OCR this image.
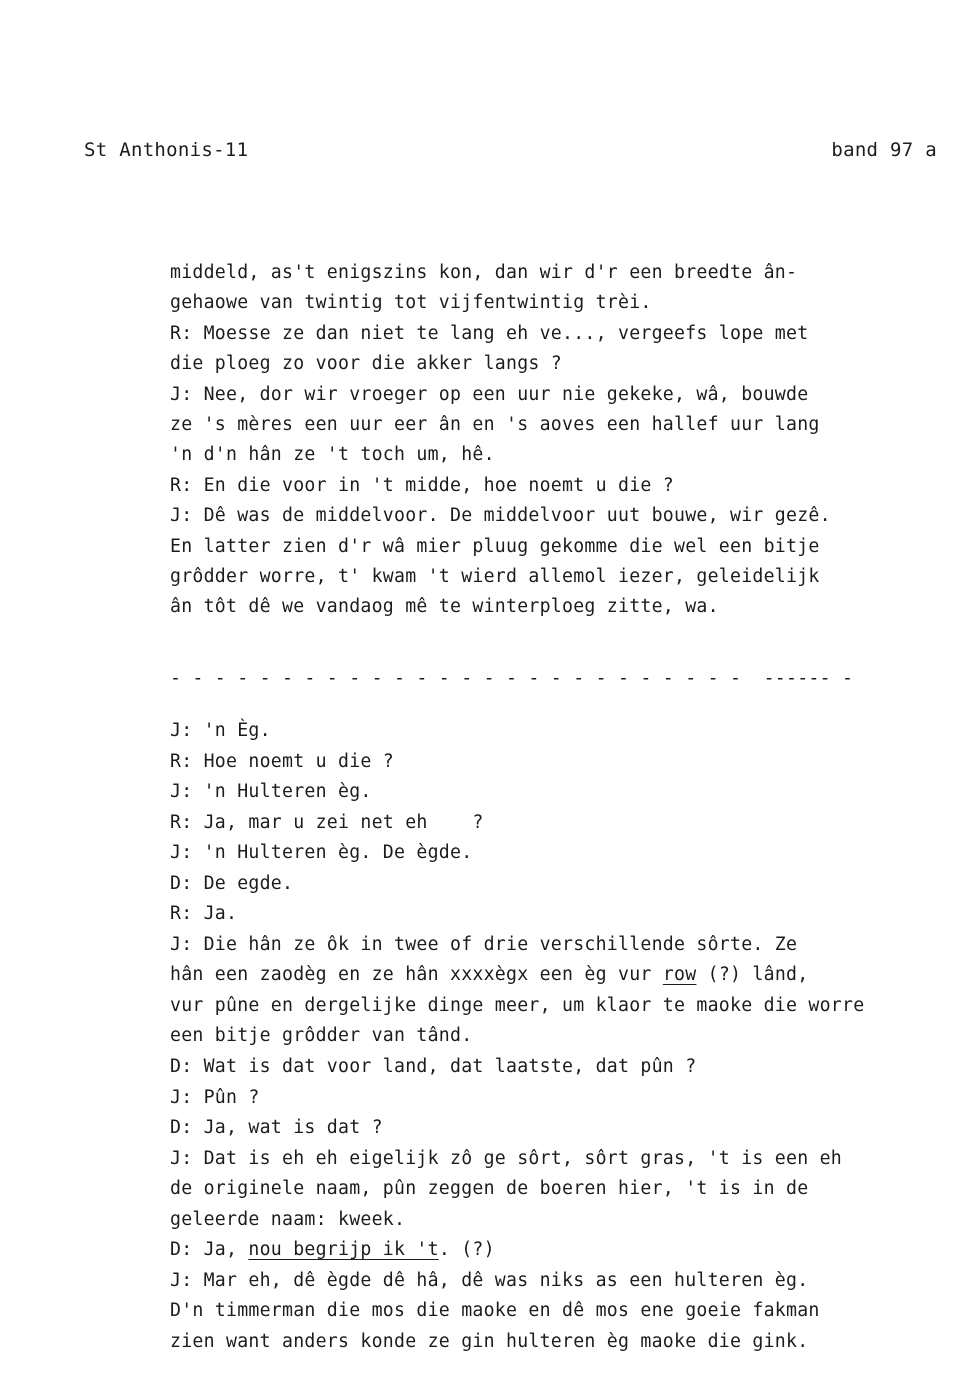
St Anthonis-11	band 97 a
middeld, as't enigszins kon, dan wir d'r een breedte ân-
gehaowe van twintig tot vijfentwintig trèi.
R: Moesse ze dan niet te lang eh ve..., vergeefs lope met
die ploeg zo voor die akker langs ?
J: Nee, dor wir vroeger op een uur nie gekeke, wâ, bouwde
ze 's mères een uur eer ân en 's aoves een hallef uur lang
'n d'n hân ze 't toch um, hê.
R: En die voor in 't midde, hoe noemt u die ?
J: Dê was de middelvoor. De middelvoor uut bouwe, wir gezê.
En latter zien d'r wâ mier pluug gekomme die wel een bitje
grôdder worre, t' kwam 't wierd allemol iezer, geleidelijk
ân tôt dê we vandaog mê te winterploeg zitte, wa.
- - - - - - - - - - - - - - - - - - - - - - - - - -  ------ -
J: 'n Èg.
R: Hoe noemt u die ?
J: 'n Hulteren èg.
R: Ja, mar u zei net eh    ?
J: 'n Hulteren èg. De ègde.
D: De egde.
R: Ja.
J: Die hân ze ôk in twee of drie verschillende sôrte. Ze
hân een zaodèg en ze hân xxxxègx een èg vur row (?) lând,
vur pûne en dergelijke dinge meer, um klaor te maoke die worre
een bitje grôdder van tând.
D: Wat is dat voor land, dat laatste, dat pûn ?
J: Pûn ?
D: Ja, wat is dat ?
J: Dat is eh eh eigelijk zô ge sôrt, sôrt gras, 't is een eh
de originele naam, pûn zeggen de boeren hier, 't is in de
geleerde naam: kweek.
D: Ja, nou begrijp ik 't. (?)
J: Mar eh, dê ègde dê hâ, dê was niks as een hulteren èg.
D'n timmerman die mos die maoke en dê mos ene goeie fakman
zien want anders konde ze gin hulteren èg maoke die gink.
